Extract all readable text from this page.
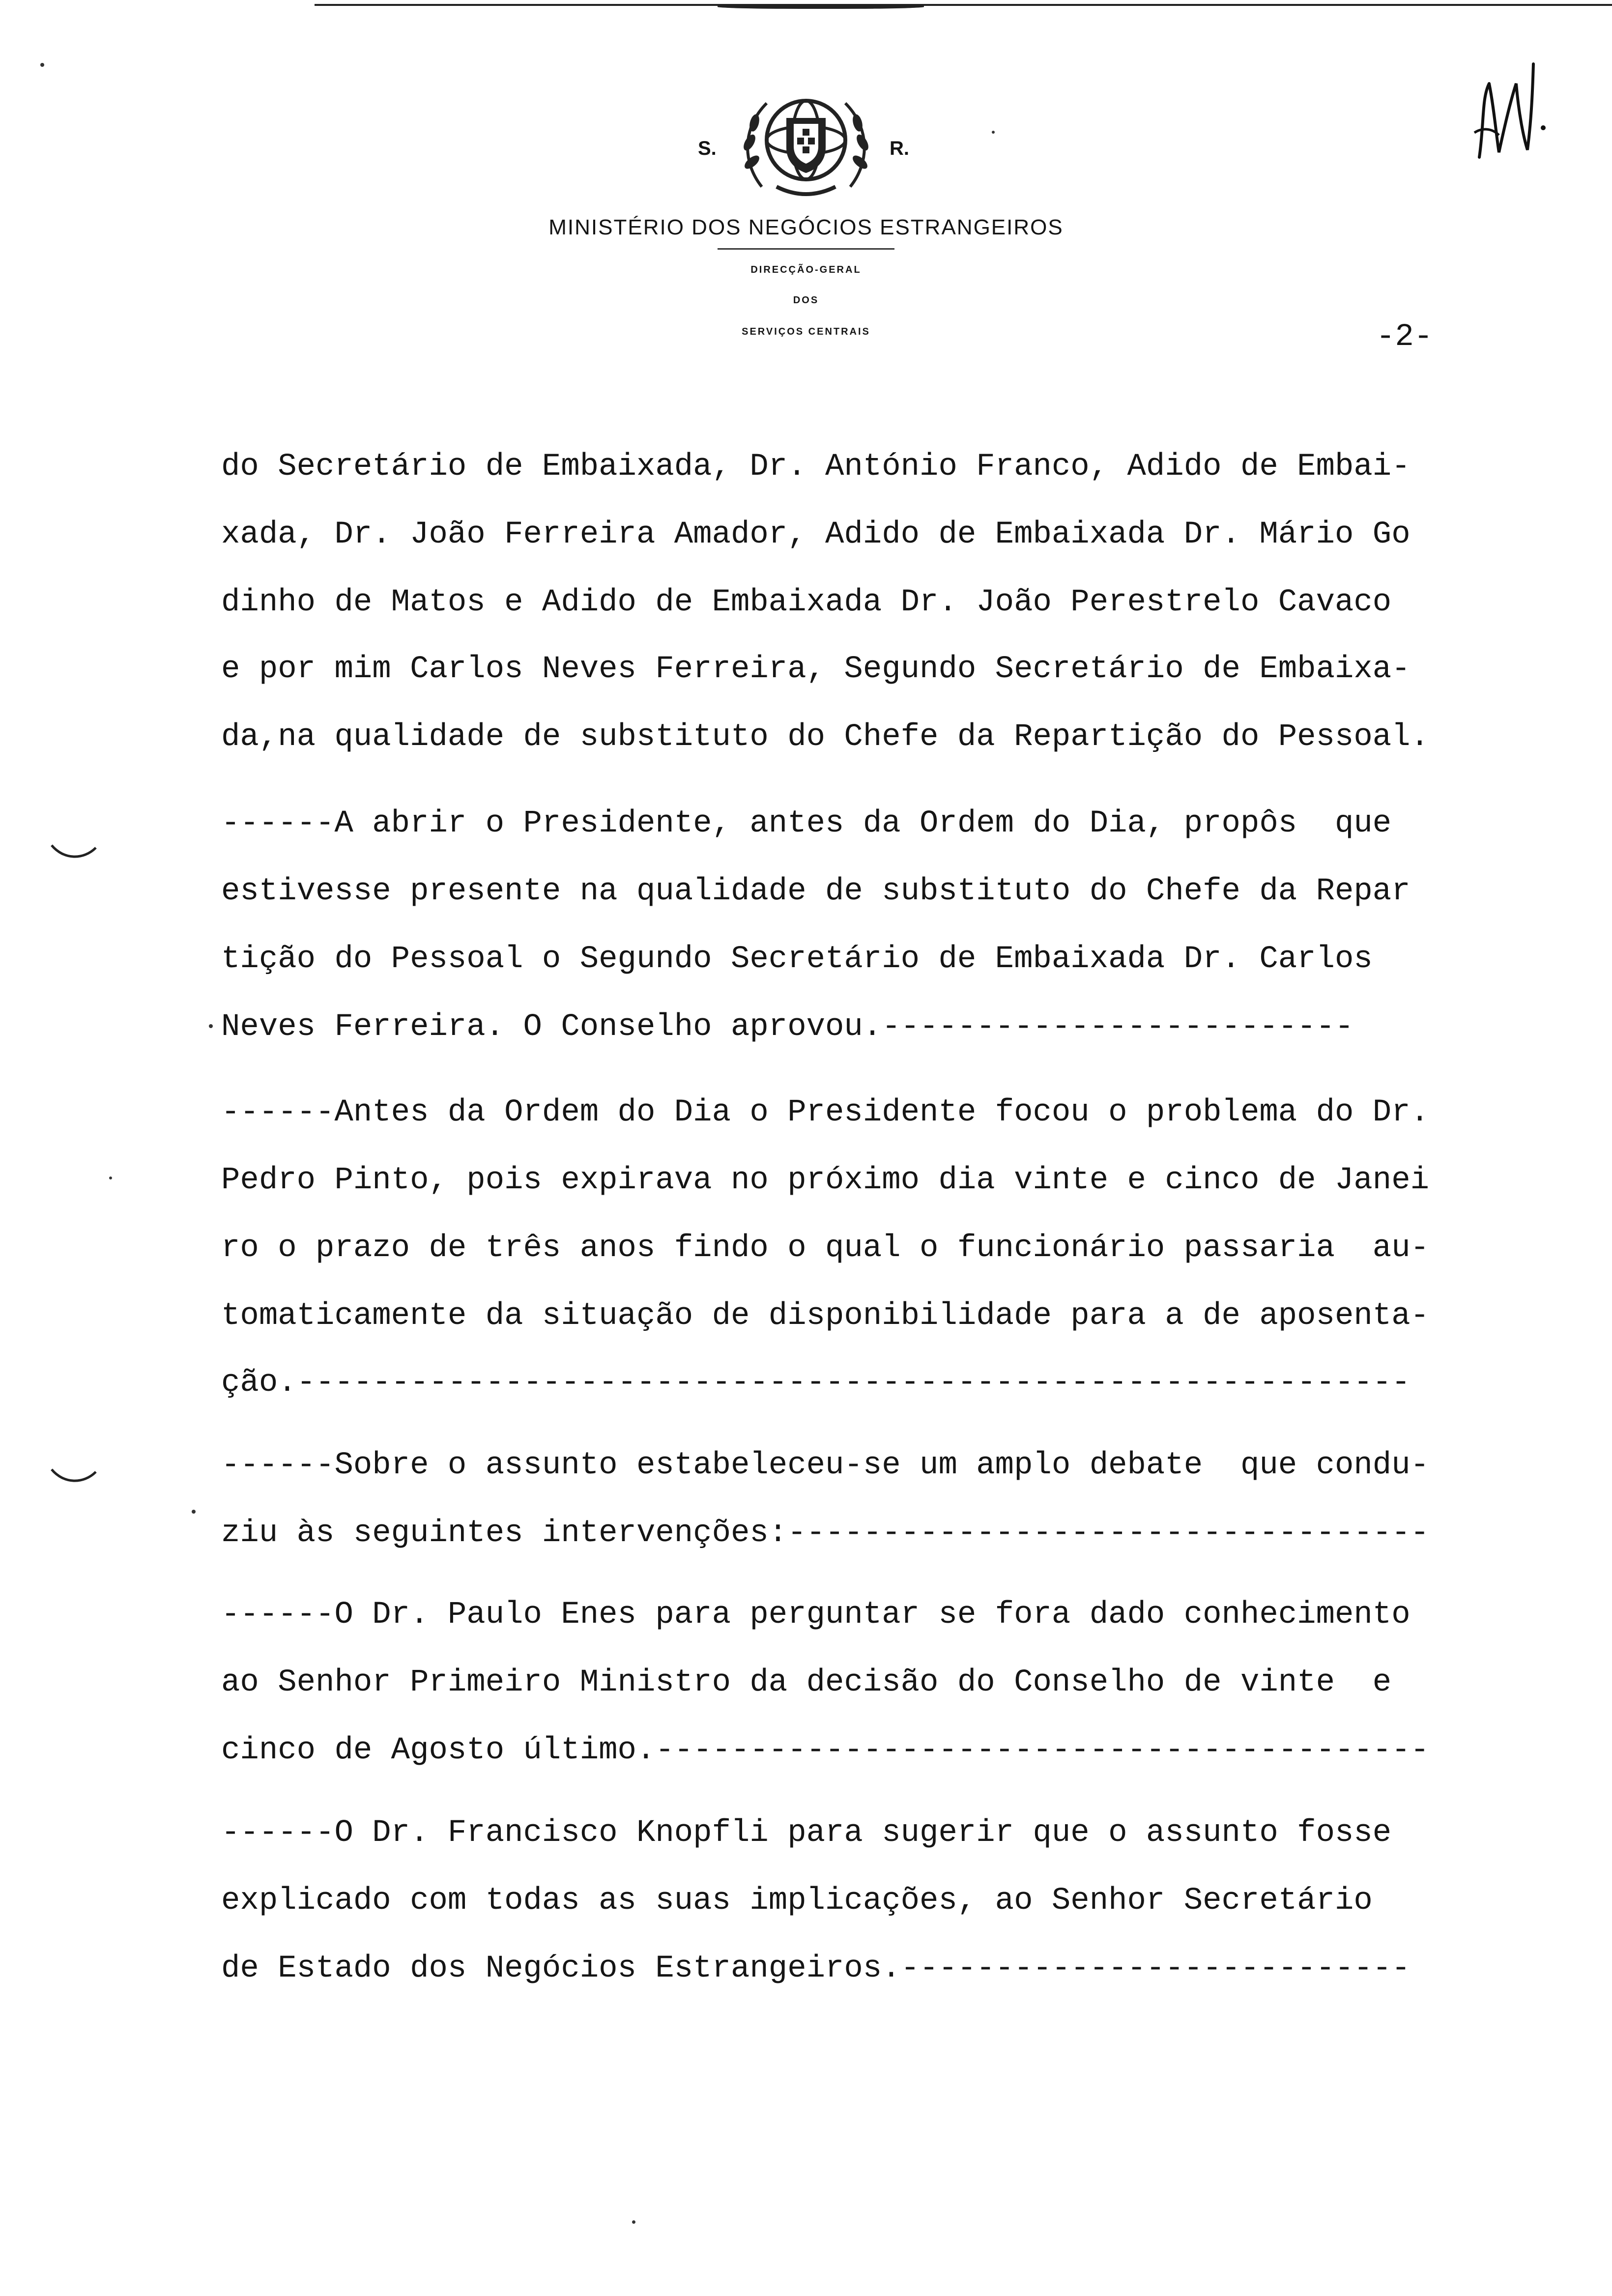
S.	R.
MINISTÉRIO DOS NEGÓCIOS ESTRANGEIROS
DIRECÇÃO-GERAL
DOS
SERVIÇOS CENTRAIS	-2-
do Secretário de Embaixada, Dr. António Franco, Adido de Embai-
xada, Dr. João Ferreira Amador, Adido de Embaixada Dr. Mário Go
dinho de Matos e Adido de Embaixada Dr. João Perestrelo Cavaco
e por mim Carlos Neves Ferreira, Segundo Secretário de Embaixa-
da,na qualidade de substituto do Chefe da Repartição do Pessoal.
------A abrir o Presidente, antes da Ordem do Dia, propôs  que
estivesse presente na qualidade de substituto do Chefe da Repar
tição do Pessoal o Segundo Secretário de Embaixada Dr. Carlos
Neves Ferreira. O Conselho aprovou.-------------------------
------Antes da Ordem do Dia o Presidente focou o problema do Dr.
Pedro Pinto, pois expirava no próximo dia vinte e cinco de Janei
ro o prazo de três anos findo o qual o funcionário passaria  au-
tomaticamente da situação de disponibilidade para a de aposenta-
ção.-----------------------------------------------------------
------Sobre o assunto estabeleceu-se um amplo debate  que condu-
ziu às seguintes intervenções:----------------------------------
------O Dr. Paulo Enes para perguntar se fora dado conhecimento
ao Senhor Primeiro Ministro da decisão do Conselho de vinte  e
cinco de Agosto último.-----------------------------------------
------O Dr. Francisco Knopfli para sugerir que o assunto fosse
explicado com todas as suas implicações, ao Senhor Secretário
de Estado dos Negócios Estrangeiros.---------------------------
